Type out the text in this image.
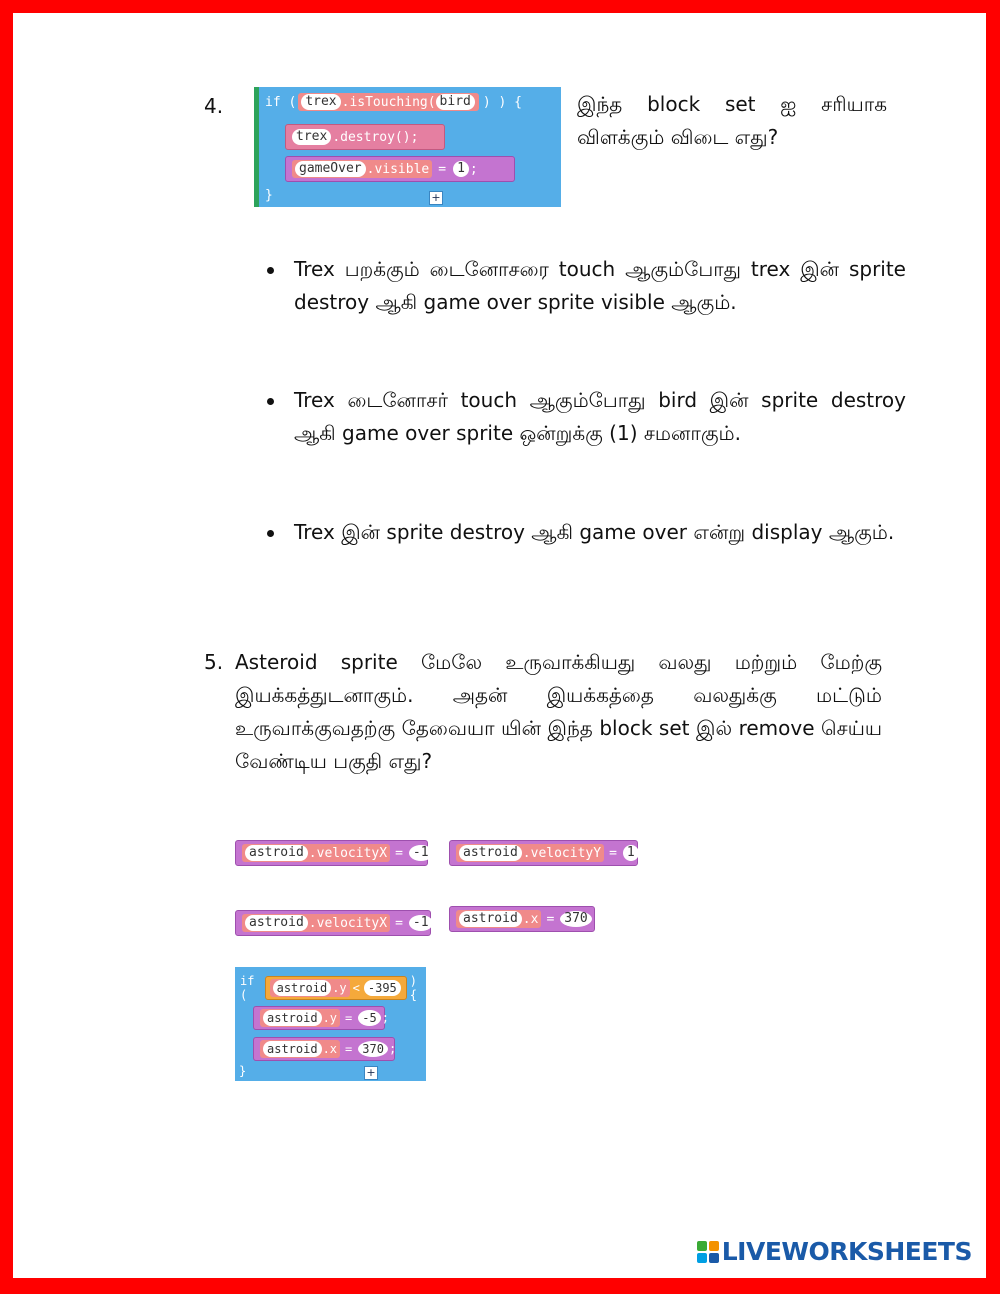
4.	if ( trex .isTouching( bird ) ) {
trex .destroy();
gameOver .visible = 1 ;
}	+
இந்த block set ஐ சரியாக
விளக்கும் விடை எது?
Trex பறக்கும் டைனோசரை touch ஆகும்போது trex இன் sprite destroy ஆகி game over sprite visible ஆகும்.
Trex டைனோசர் touch ஆகும்போது bird இன் sprite destroy ஆகி game over sprite ஒன்றுக்கு (1) சமனாகும்.
Trex இன் sprite destroy ஆகி game over என்று display ஆகும்.
5. Asteroid sprite மேலே உருவாக்கியது வலது மற்றும் மேற்கு இயக்கத்துடனாகும். அதன் இயக்கத்தை வலதுக்கு மட்டும் உருவாக்குவதற்கு தேவையா யின் இந்த block set இல் remove செய்ய வேண்டிய பகுதி எது?
astroid .velocityX = -1 ;	astroid .velocityY = 1 ;
astroid .velocityX = -1 ;	astroid .x = 370 ;
if (	astroid .y < -395	) {
astroid .y = -5 ;
astroid .x = 370 ;
}	+
LIVEWORKSHEETS
